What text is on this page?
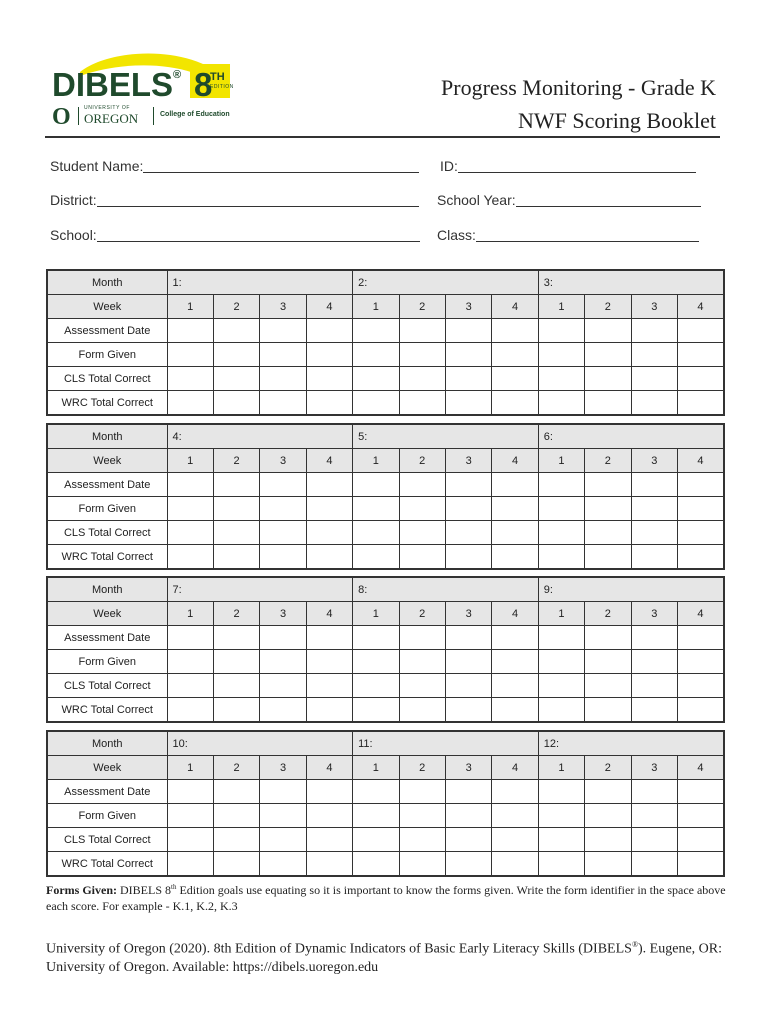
DIBELS® 8
TH
EDITION
O	UNIVERSITY OF
OREGON	College of Education
Progress Monitoring - Grade K
NWF Scoring Booklet
Student Name:	ID:
District:	School Year:
School:	Class:
Month	1:				2:				3:			
Week	1	2	3	4	1	2	3	4	1	2	3	4
Assessment Date												
Form Given												
CLS Total Correct												
WRC Total Correct												
Month	4:				5:				6:			
Week	1	2	3	4	1	2	3	4	1	2	3	4
Assessment Date												
Form Given												
CLS Total Correct												
WRC Total Correct												
Month	7:				8:				9:			
Week	1	2	3	4	1	2	3	4	1	2	3	4
Assessment Date												
Form Given												
CLS Total Correct												
WRC Total Correct												
Month	10:				11:				12:			
Week	1	2	3	4	1	2	3	4	1	2	3	4
Assessment Date												
Form Given												
CLS Total Correct												
WRC Total Correct												
Forms Given: DIBELS 8th Edition goals use equating so it is important to know the forms given. Write the form identifier in the space above each score. For example - K.1, K.2, K.3
University of Oregon (2020). 8th Edition of Dynamic Indicators of Basic Early Literacy Skills (DIBELS®). Eugene, OR: University of Oregon. Available: https://dibels.uoregon.edu
